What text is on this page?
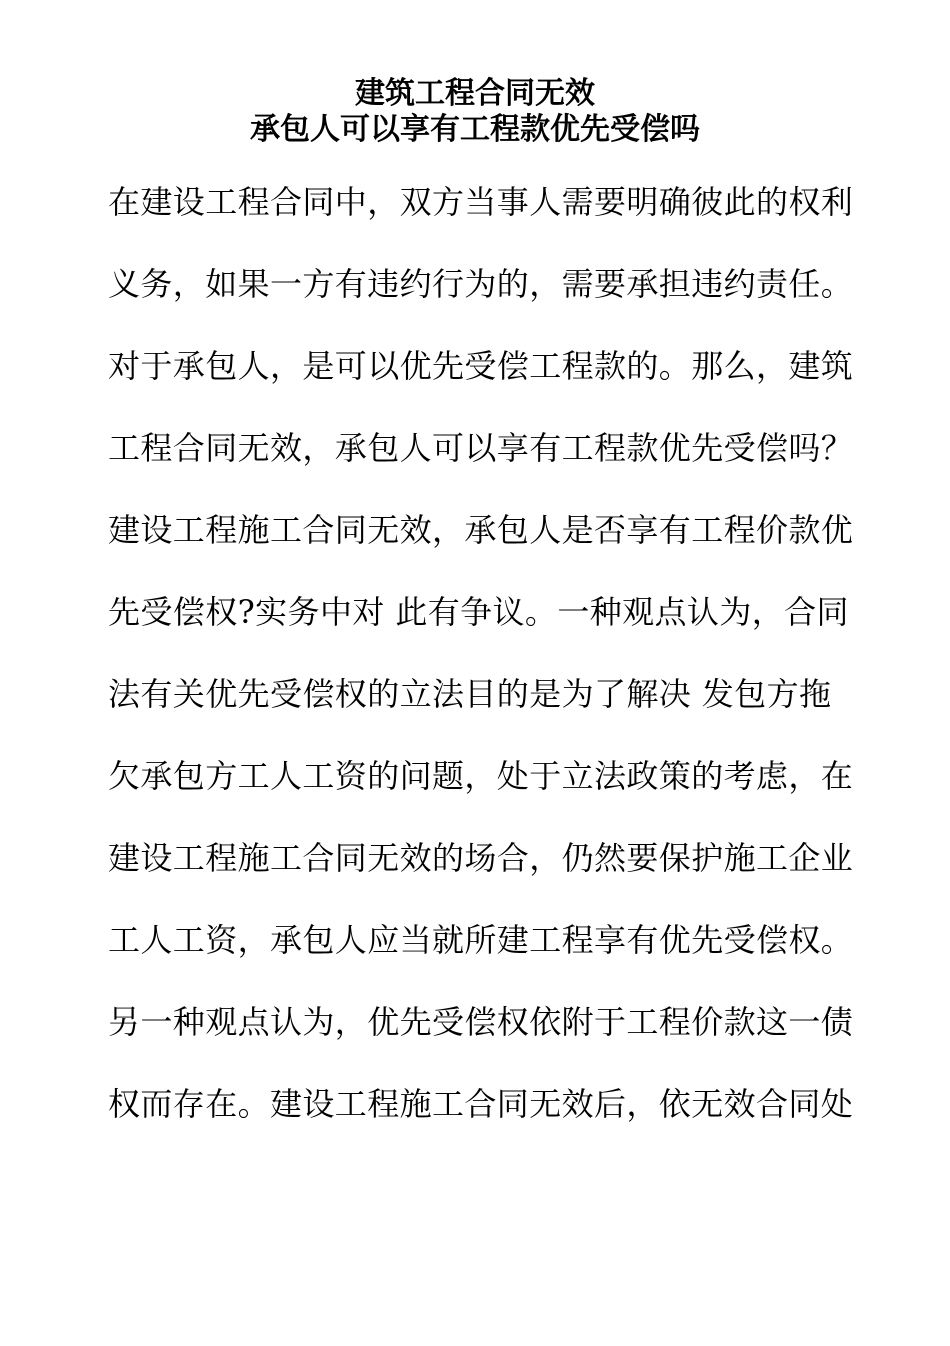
建筑工程合同无效
承包人可以享有工程款优先受偿吗
在建设工程合同中，双方当事人需要明确彼此的权利
义务，如果一方有违约行为的，需要承担违约责任。
对于承包人，是可以优先受偿工程款的。那么，建筑
工程合同无效，承包人可以享有工程款优先受偿吗？
建设工程施工合同无效，承包人是否享有工程价款优
先受偿权?实务中对 此有争议。一种观点认为，合同
法有关优先受偿权的立法目的是为了解决 发包方拖
欠承包方工人工资的问题，处于立法政策的考虑，在
建设工程施工合同无效的场合，仍然要保护施工企业
工人工资，承包人应当就所建工程享有优先受偿权。
另一种观点认为，优先受偿权依附于工程价款这一债
权而存在。建设工程施工合同无效后，依无效合同处
